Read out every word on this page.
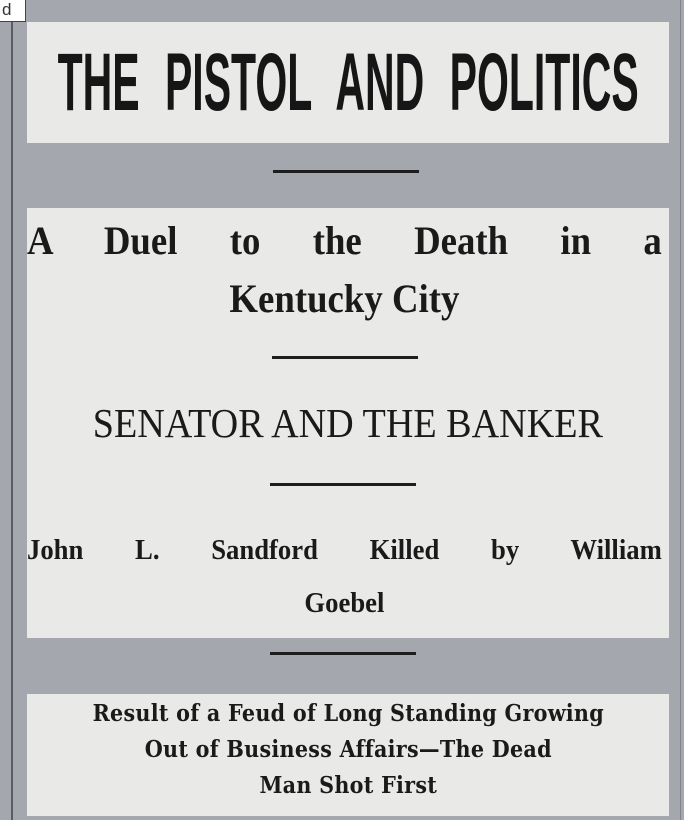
d
THE PISTOL AND POLITICS
A Duel to the Death in a
Kentucky City
SENATOR AND THE BANKER
John L. Sandford Killed by William
Goebel
Result of a Feud of Long Standing Growing
Out of Business Affairs—The Dead
Man Shot First
